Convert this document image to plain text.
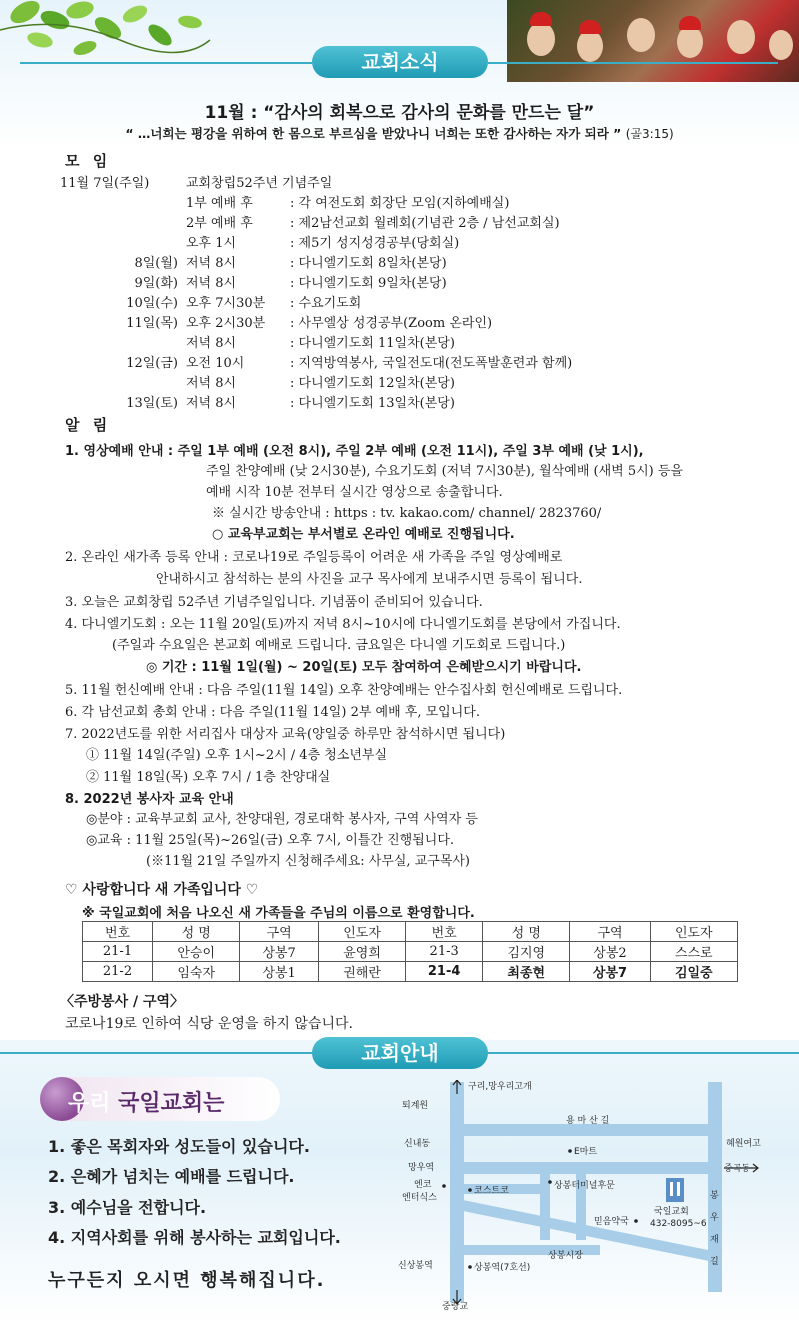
교회소식
11월 : “감사의 회복으로 감사의 문화를 만드는 달”
“ …너희는 평강을 위하여 한 몸으로 부르심을 받았나니 너희는 또한 감사하는 자가 되라 ” (골3:15)
모 임
11월 7일(주일)	교회창립52주년 기념주일
1부 예배 후	: 각 여전도회 회장단 모임(지하예배실)
2부 예배 후	: 제2남선교회 월례회(기념관 2층 / 남선교회실)
오후 1시	: 제5기 성지성경공부(당회실)
8일(월) 저녁 8시	: 다니엘기도회 8일차(본당)
9일(화) 저녁 8시	: 다니엘기도회 9일차(본당)
10일(수) 오후 7시30분 : 수요기도회
11일(목) 오후 2시30분 : 사무엘상 성경공부(Zoom 온라인)
저녁 8시	: 다니엘기도회 11일차(본당)
12일(금) 오전 10시	: 지역방역봉사, 국일전도대(전도폭발훈련과 함께)
저녁 8시	: 다니엘기도회 12일차(본당)
13일(토) 저녁 8시	: 다니엘기도회 13일차(본당)
알 림
1. 영상예배 안내 : 주일 1부 예배 (오전 8시), 주일 2부 예배 (오전 11시), 주일 3부 예배 (낮 1시),
주일 찬양예배 (낮 2시30분), 수요기도회 (저녁 7시30분), 월삭예배 (새벽 5시) 등을
예배 시작 10분 전부터 실시간 영상으로 송출합니다.
※ 실시간 방송안내 : https : tv. kakao.com/ channel/ 2823760/
○ 교육부교회는 부서별로 온라인 예배로 진행됩니다.
2. 온라인 새가족 등록 안내 : 코로나19로 주일등록이 어려운 새 가족을 주일 영상예배로
안내하시고 참석하는 분의 사진을 교구 목사에게 보내주시면 등록이 됩니다.
3. 오늘은 교회창립 52주년 기념주일입니다. 기념품이 준비되어 있습니다.
4. 다니엘기도회 : 오는 11월 20일(토)까지 저녁 8시~10시에 다니엘기도회를 본당에서 가집니다.
(주일과 수요일은 본교회 예배로 드립니다. 금요일은 다니엘 기도회로 드립니다.)
◎ 기간 : 11월 1일(월) ~ 20일(토) 모두 참여하여 은혜받으시기 바랍니다.
5. 11월 헌신예배 안내 : 다음 주일(11월 14일) 오후 찬양예배는 안수집사회 헌신예배로 드립니다.
6. 각 남선교회 총회 안내 : 다음 주일(11월 14일) 2부 예배 후, 모입니다.
7. 2022년도를 위한 서리집사 대상자 교육(양일중 하루만 참석하시면 됩니다)
① 11월 14일(주일) 오후 1시~2시 / 4층 청소년부실
② 11월 18일(목) 오후 7시 / 1층 찬양대실
8. 2022년 봉사자 교육 안내
◎분야 : 교육부교회 교사, 찬양대원, 경로대학 봉사자, 구역 사역자 등
◎교육 : 11월 25일(목)~26일(금) 오후 7시, 이틀간 진행됩니다.
(※11월 21일 주일까지 신청해주세요: 사무실, 교구목사)
♡ 사랑합니다 새 가족입니다 ♡
※ 국일교회에 처음 나오신 새 가족들을 주님의 이름으로 환영합니다.
번호	성 명	구역	인도자	번호	성 명	구역	인도자
21-1	안승이	상봉7	윤영희	21-3	김지영	상봉2	스스로
21-2	임숙자	상봉1	권해란	21-4	최종현	상봉7	김일중
〈주방봉사 / 구역〉
코로나19로 인하여 식당 운영을 하지 않습니다.
교회안내
우리 국일교회는
1. 좋은 목회자와 성도들이 있습니다.
2. 은혜가 넘치는 예배를 드립니다.
3. 예수님을 전합니다.
4. 지역사회를 위해 봉사하는 교회입니다.
누구든지 오시면 행복해집니다.
구리,망우리고개
퇴계원
용 마 산 길
신내동
E마트
혜원여고
망우역	중곡동
엔코
엔터식스
코스트코	상봉터미널후문
국일교회
432-8095~6
믿음약국
봉
우
재
길
상봉시장
신상봉역	상봉역(7호선)
중랑교
